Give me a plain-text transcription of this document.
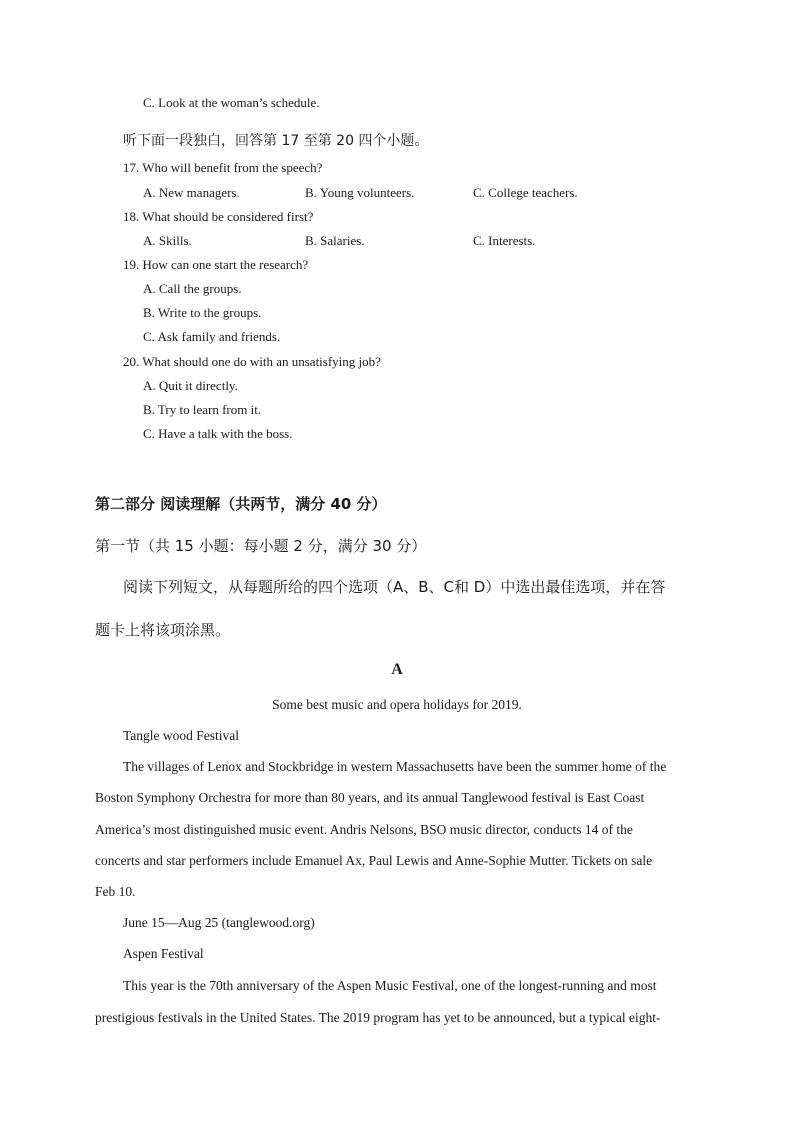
C. Look at the woman’s schedule.
听下面一段独白，回答第 17 至第 20 四个小题。
17. Who will benefit from the speech?
A. New managers.	B. Young volunteers.	C. College teachers.
18. What should be considered first?
A. Skills.	B. Salaries.	C. Interests.
19. How can one start the research?
A. Call the groups.
B. Write to the groups.
C. Ask family and friends.
20. What should one do with an unsatisfying job?
A. Quit it directly.
B. Try to learn from it.
C. Have a talk with the boss.
第二部分 阅读理解（共两节，满分 40 分）
第一节（共 15 小题：每小题 2 分，满分 30 分）
阅读下列短文，从每题所给的四个选项（A、B、C和 D）中选出最佳选项，并在答
题卡上将该项涂黑。
A
Some best music and opera holidays for 2019.
Tangle wood Festival
The villages of Lenox and Stockbridge in western Massachusetts have been the summer home of the
Boston Symphony Orchestra for more than 80 years, and its annual Tanglewood festival is East Coast
America’s most distinguished music event. Andris Nelsons, BSO music director, conducts 14 of the
concerts and star performers include Emanuel Ax, Paul Lewis and Anne-Sophie Mutter. Tickets on sale
Feb 10.
June 15—Aug 25 (tanglewood.org)
Aspen Festival
This year is the 70th anniversary of the Aspen Music Festival, one of the longest-running and most
prestigious festivals in the United States. The 2019 program has yet to be announced, but a typical eight-
